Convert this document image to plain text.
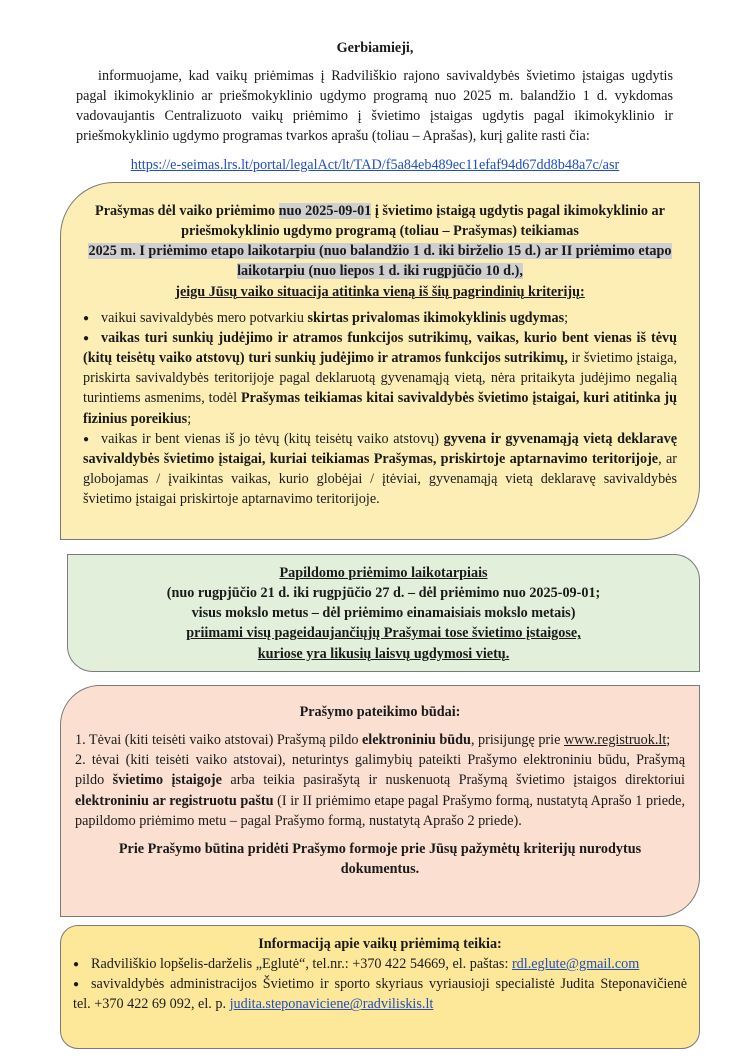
Gerbiamieji,
informuojame, kad vaikų priėmimas į Radviliškio rajono savivaldybės švietimo įstaigas ugdytis pagal ikimokyklinio ar priešmokyklinio ugdymo programą nuo 2025 m. balandžio 1 d. vykdomas vadovaujantis Centralizuoto vaikų priėmimo į švietimo įstaigas ugdytis pagal ikimokyklinio ir priešmokyklinio ugdymo programas tvarkos aprašu (toliau – Aprašas), kurį galite rasti čia:
https://e-seimas.lrs.lt/portal/legalAct/lt/TAD/f5a84eb489ec11efaf94d67dd8b48a7c/asr
Prašymas dėl vaiko priėmimo nuo 2025-09-01 į švietimo įstaigą ugdytis pagal ikimokyklinio ar priešmokyklinio ugdymo programą (toliau – Prašymas) teikiamas
2025 m. I priėmimo etapo laikotarpiu (nuo balandžio 1 d. iki birželio 15 d.) ar II priėmimo etapo laikotarpiu (nuo liepos 1 d. iki rugpjūčio 10 d.),
jeigu Jūsų vaiko situacija atitinka vieną iš šių pagrindinių kriterijų:
● vaikui savivaldybės mero potvarkiu skirtas privalomas ikimokyklinis ugdymas;
● vaikas turi sunkių judėjimo ir atramos funkcijos sutrikimų, vaikas, kurio bent vienas iš tėvų (kitų teisėtų vaiko atstovų) turi sunkių judėjimo ir atramos funkcijos sutrikimų, ir švietimo įstaiga, priskirta savivaldybės teritorijoje pagal deklaruotą gyvenamąją vietą, nėra pritaikyta judėjimo negalią turintiems asmenims, todėl Prašymas teikiamas kitai savivaldybės švietimo įstaigai, kuri atitinka jų fizinius poreikius;
● vaikas ir bent vienas iš jo tėvų (kitų teisėtų vaiko atstovų) gyvena ir gyvenamąją vietą deklaravę savivaldybės švietimo įstaigai, kuriai teikiamas Prašymas, priskirtoje aptarnavimo teritorijoje, ar globojamas / įvaikintas vaikas, kurio globėjai / įtėviai, gyvenamąją vietą deklaravę savivaldybės švietimo įstaigai priskirtoje aptarnavimo teritorijoje.
Papildomo priėmimo laikotarpiais
(nuo rugpjūčio 21 d. iki rugpjūčio 27 d. – dėl priėmimo nuo 2025-09-01;
visus mokslo metus – dėl priėmimo einamaisiais mokslo metais)
priimami visų pageidaujančiųjų Prašymai tose švietimo įstaigose,
kuriose yra likusių laisvų ugdymosi vietų.
Prašymo pateikimo būdai:
1. Tėvai (kiti teisėti vaiko atstovai) Prašymą pildo elektroniniu būdu, prisijungę prie www.registruok.lt;
2. tėvai (kiti teisėti vaiko atstovai), neturintys galimybių pateikti Prašymo elektroniniu būdu, Prašymą pildo švietimo įstaigoje arba teikia pasirašytą ir nuskenuotą Prašymą švietimo įstaigos direktoriui elektroniniu ar registruotu paštu (I ir II priėmimo etape pagal Prašymo formą, nustatytą Aprašo 1 priede, papildomo priėmimo metu – pagal Prašymo formą, nustatytą Aprašo 2 priede).
Prie Prašymo būtina pridėti Prašymo formoje prie Jūsų pažymėtų kriterijų nurodytus dokumentus.
Informaciją apie vaikų priėmimą teikia:
● Radviliškio lopšelis-darželis „Eglutė“, tel.nr.: +370 422 54669, el. paštas: rdl.eglute@gmail.com
● savivaldybės administracijos Švietimo ir sporto skyriaus vyriausioji specialistė Judita Steponavičienė tel. +370 422 69 092, el. p. judita.steponaviciene@radviliskis.lt
